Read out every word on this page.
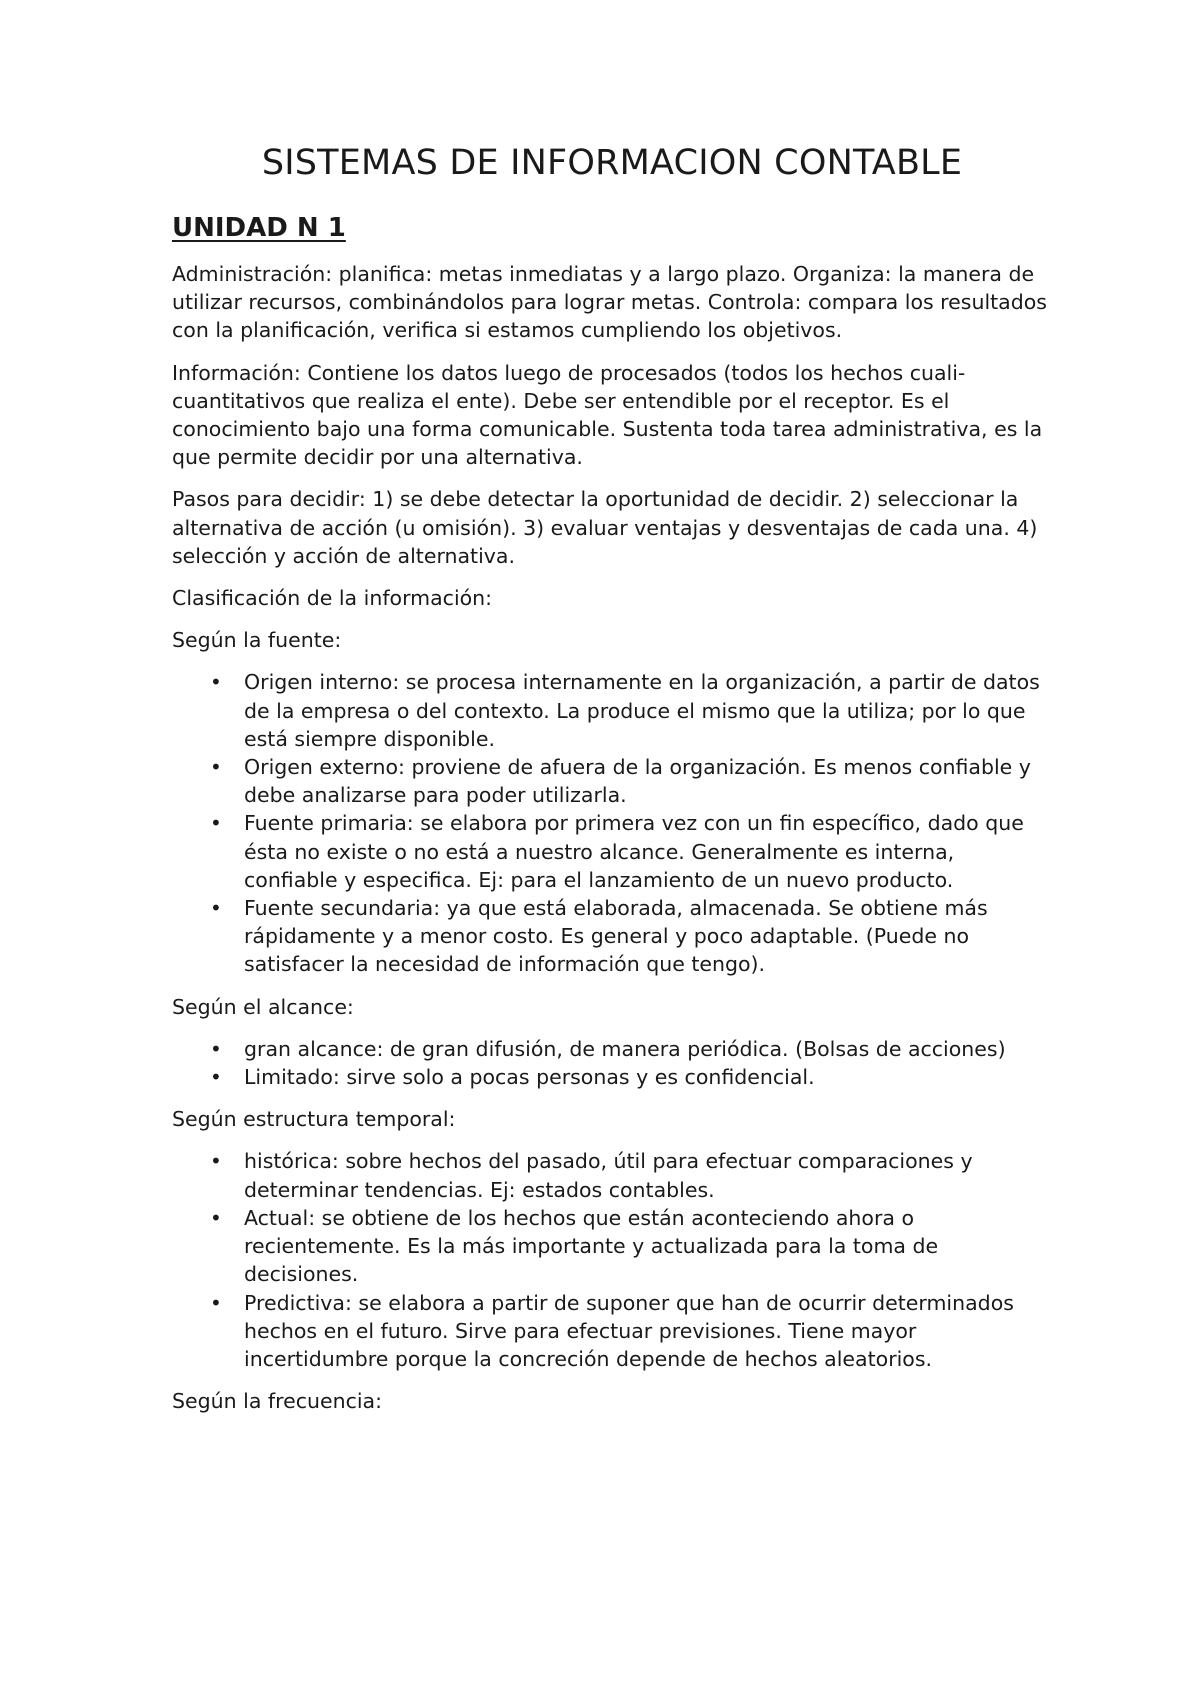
SISTEMAS DE INFORMACION CONTABLE
UNIDAD N 1

Administración: planifica: metas inmediatas y a largo plazo. Organiza: la manera de utilizar recursos, combinándolos para lograr metas. Controla: compara los resultados con la planificación, verifica si estamos cumpliendo los objetivos.

Información: Contiene los datos luego de procesados (todos los hechos cuali-cuantitativos que realiza el ente). Debe ser entendible por el receptor. Es el conocimiento bajo una forma comunicable. Sustenta toda tarea administrativa, es la que permite decidir por una alternativa.

Pasos para decidir: 1) se debe detectar la oportunidad de decidir. 2) seleccionar la alternativa de acción (u omisión). 3) evaluar ventajas y desventajas de cada una. 4) selección y acción de alternativa.

Clasificación de la información:

Según la fuente:

• Origen interno: se procesa internamente en la organización, a partir de datos de la empresa o del contexto. La produce el mismo que la utiliza; por lo que está siempre disponible.
• Origen externo: proviene de afuera de la organización. Es menos confiable y debe analizarse para poder utilizarla.
• Fuente primaria: se elabora por primera vez con un fin específico, dado que ésta no existe o no está a nuestro alcance. Generalmente es interna, confiable y especifica. Ej: para el lanzamiento de un nuevo producto.
• Fuente secundaria: ya que está elaborada, almacenada. Se obtiene más rápidamente y a menor costo. Es general y poco adaptable. (Puede no satisfacer la necesidad de información que tengo).

Según el alcance:

• gran alcance: de gran difusión, de manera periódica. (Bolsas de acciones)
• Limitado: sirve solo a pocas personas y es confidencial.

Según estructura temporal:

• histórica: sobre hechos del pasado, útil para efectuar comparaciones y determinar tendencias. Ej: estados contables.
• Actual: se obtiene de los hechos que están aconteciendo ahora o recientemente. Es la más importante y actualizada para la toma de decisiones.
• Predictiva: se elabora a partir de suponer que han de ocurrir determinados hechos en el futuro. Sirve para efectuar previsiones. Tiene mayor incertidumbre porque la concreción depende de hechos aleatorios.

Según la frecuencia:
